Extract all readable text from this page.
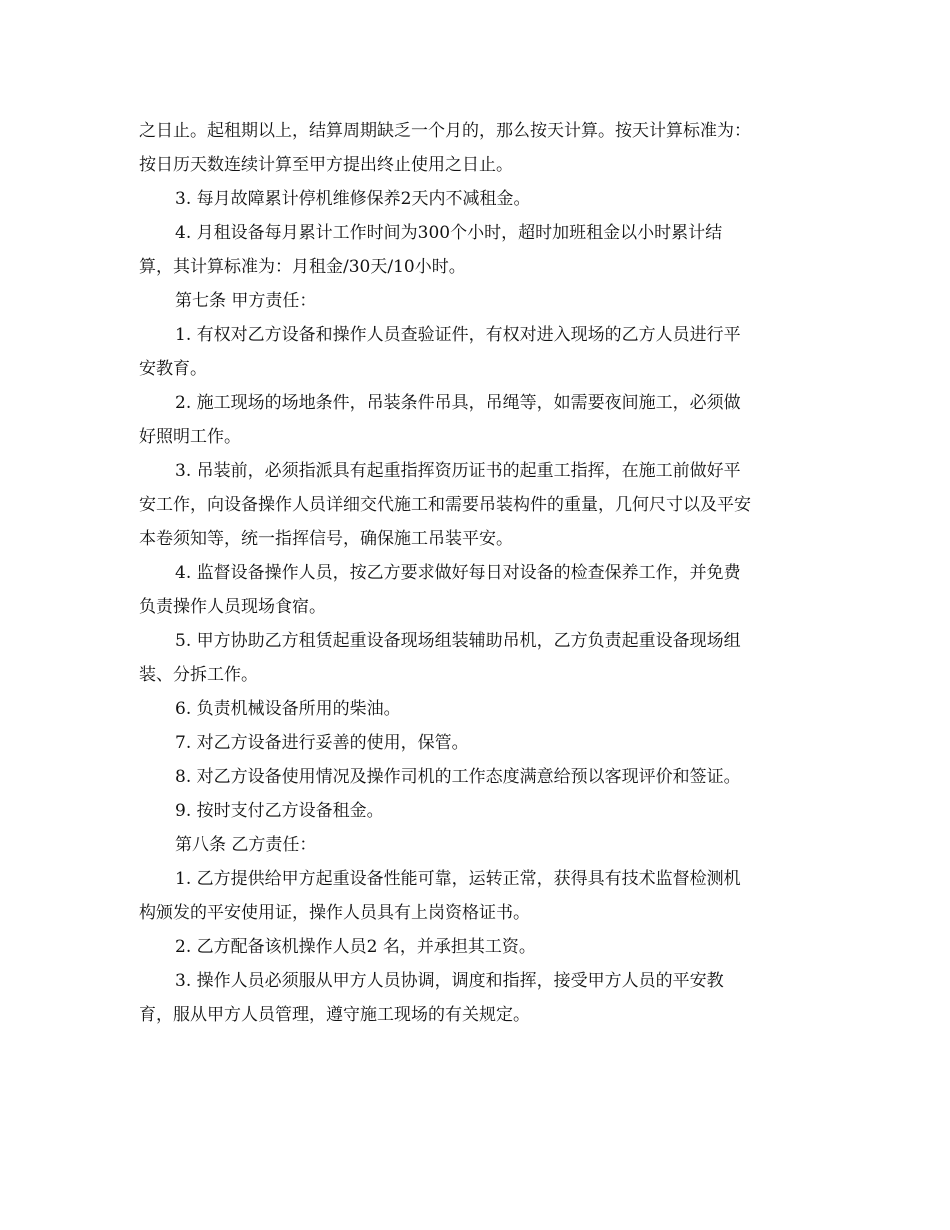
之日止。起租期以上，结算周期缺乏一个月的，那么按天计算。按天计算标准为：

按日历天数连续计算至甲方提出终止使用之日止。

3. 每月故障累计停机维修保养2天内不减租金。

4. 月租设备每月累计工作时间为300个小时，超时加班租金以小时累计结

算，其计算标准为：月租金/30天/10小时。

第七条 甲方责任：

1. 有权对乙方设备和操作人员查验证件，有权对进入现场的乙方人员进行平

安教育。

2. 施工现场的场地条件，吊装条件吊具，吊绳等，如需要夜间施工，必须做

好照明工作。

3. 吊装前，必须指派具有起重指挥资历证书的起重工指挥，在施工前做好平

安工作，向设备操作人员详细交代施工和需要吊装构件的重量，几何尺寸以及平安

本卷须知等，统一指挥信号，确保施工吊装平安。

4. 监督设备操作人员，按乙方要求做好每日对设备的检查保养工作，并免费

负责操作人员现场食宿。

5. 甲方协助乙方租赁起重设备现场组装辅助吊机，乙方负责起重设备现场组

装、分拆工作。

6. 负责机械设备所用的柴油。

7. 对乙方设备进行妥善的使用，保管。

8. 对乙方设备使用情况及操作司机的工作态度满意给预以客现评价和签证。

9. 按时支付乙方设备租金。

第八条 乙方责任：

1. 乙方提供给甲方起重设备性能可靠，运转正常，获得具有技术监督检测机

构颁发的平安使用证，操作人员具有上岗资格证书。

2. 乙方配备该机操作人员2 名，并承担其工资。

3. 操作人员必须服从甲方人员协调，调度和指挥，接受甲方人员的平安教

育，服从甲方人员管理，遵守施工现场的有关规定。
